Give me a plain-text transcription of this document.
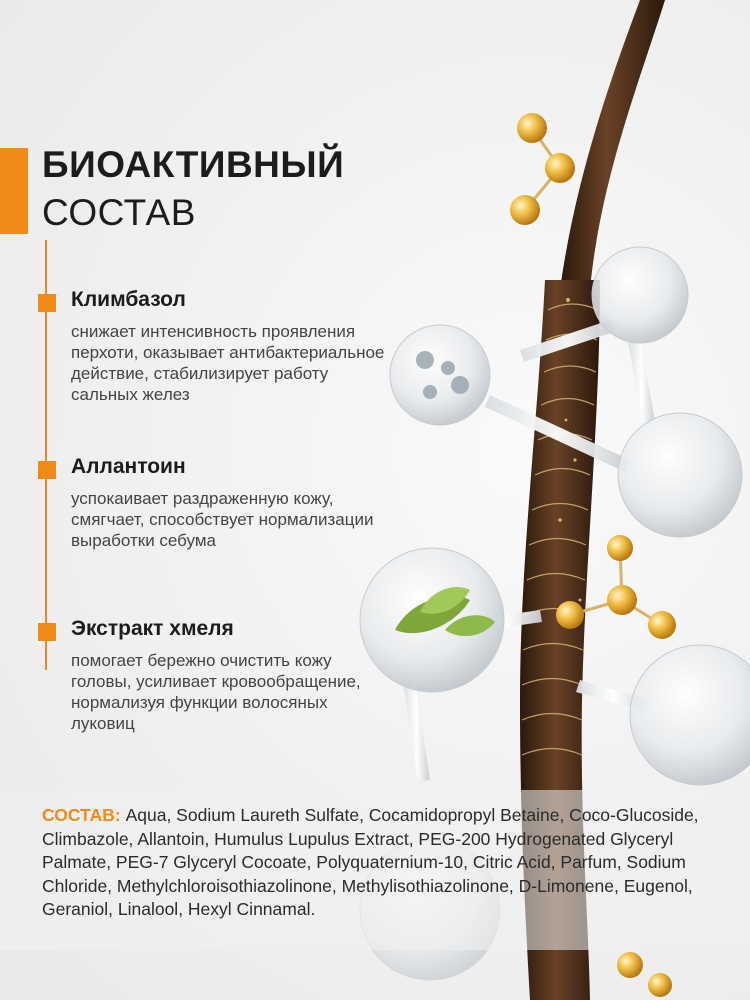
БИОАКТИВНЫЙ
СОСТАВ
Климбазол
снижает интенсивность проявления перхоти, оказывает антибактериальное действие, стабилизирует работу сальных желез
Аллантоин
успокаивает раздраженную кожу, смягчает, способствует нормализации выработки себума
Экстракт хмеля
помогает бережно очистить кожу головы, усиливает кровообращение, нормализуя функции волосяных луковиц

СОСТАВ: Aqua, Sodium Laureth Sulfate, Cocamidopropyl Betaine, Coco-Glucoside, Climbazole, Allantoin, Humulus Lupulus Extract, PEG-200 Hydrogenated Glyceryl Palmate, PEG-7 Glyceryl Cocoate, Polyquaternium-10, Citric Acid, Parfum, Sodium Chloride, Methylchloroisothiazolinone, Methylisothiazolinone, D-Limonene, Eugenol, Geraniol, Linalool, Hexyl Cinnamal.
